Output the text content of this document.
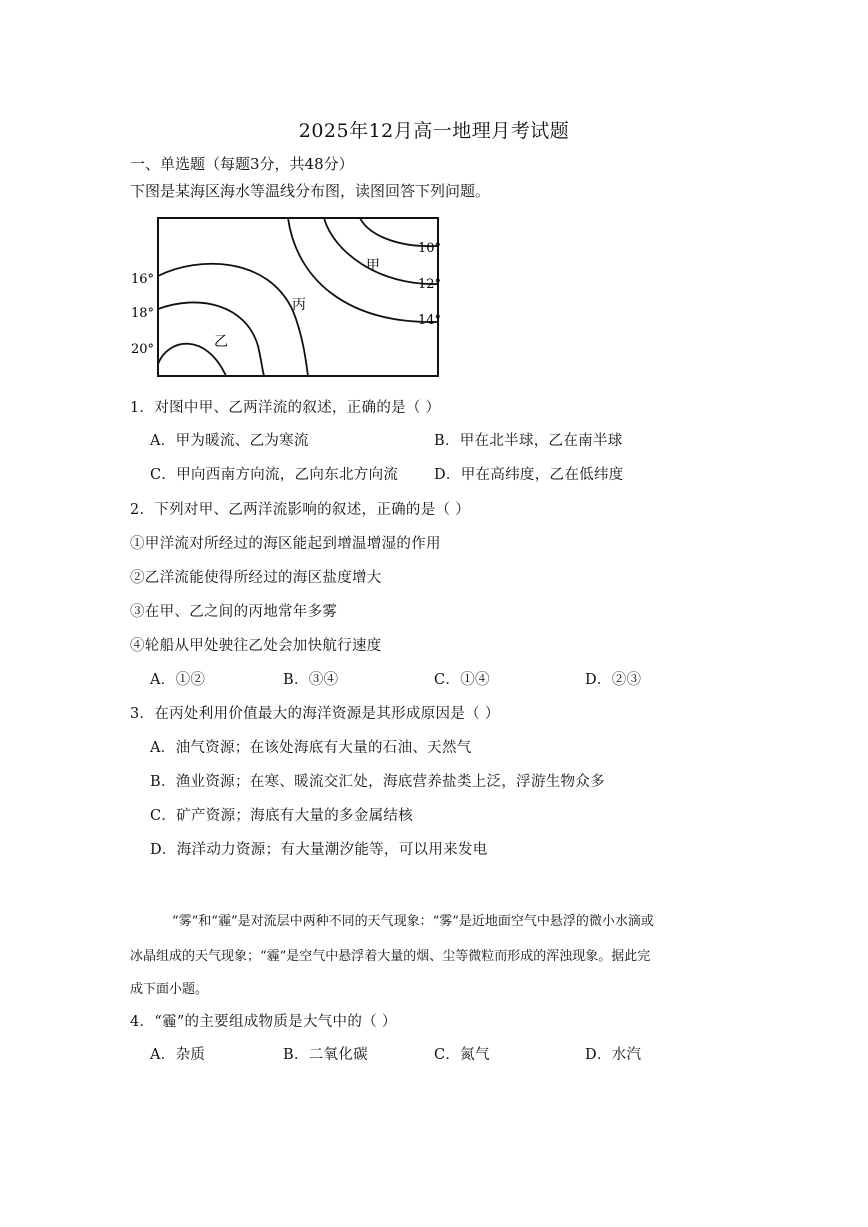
2025年12月高一地理月考试题
一、单选题（每题3分，共48分）
下图是某海区海水等温线分布图，读图回答下列问题。
16°
18°
20°
10°
12°
14°
甲
乙
丙
1．对图中甲、乙两洋流的叙述，正确的是（ ）
A．甲为暖流、乙为寒流	B．甲在北半球，乙在南半球
C．甲向西南方向流，乙向东北方向流 D．甲在高纬度，乙在低纬度
2．下列对甲、乙两洋流影响的叙述，正确的是（ ）
①甲洋流对所经过的海区能起到增温增湿的作用
②乙洋流能使得所经过的海区盐度增大
③在甲、乙之间的丙地常年多雾
④轮船从甲处驶往乙处会加快航行速度
A．①②	B．③④	C．①④	D．②③
3．在丙处利用价值最大的海洋资源是其形成原因是（ ）
A．油气资源；在该处海底有大量的石油、天然气
B．渔业资源；在寒、暖流交汇处，海底营养盐类上泛，浮游生物众多
C．矿产资源；海底有大量的多金属结核
D．海洋动力资源；有大量潮汐能等，可以用来发电
“雾”和“霾”是对流层中两种不同的天气现象：“雾”是近地面空气中悬浮的微小水滴或
冰晶组成的天气现象；“霾”是空气中悬浮着大量的烟、尘等微粒而形成的浑浊现象。据此完
成下面小题。
4．“霾”的主要组成物质是大气中的（ ）
A．杂质	B．二氧化碳	C．氮气	D．水汽
